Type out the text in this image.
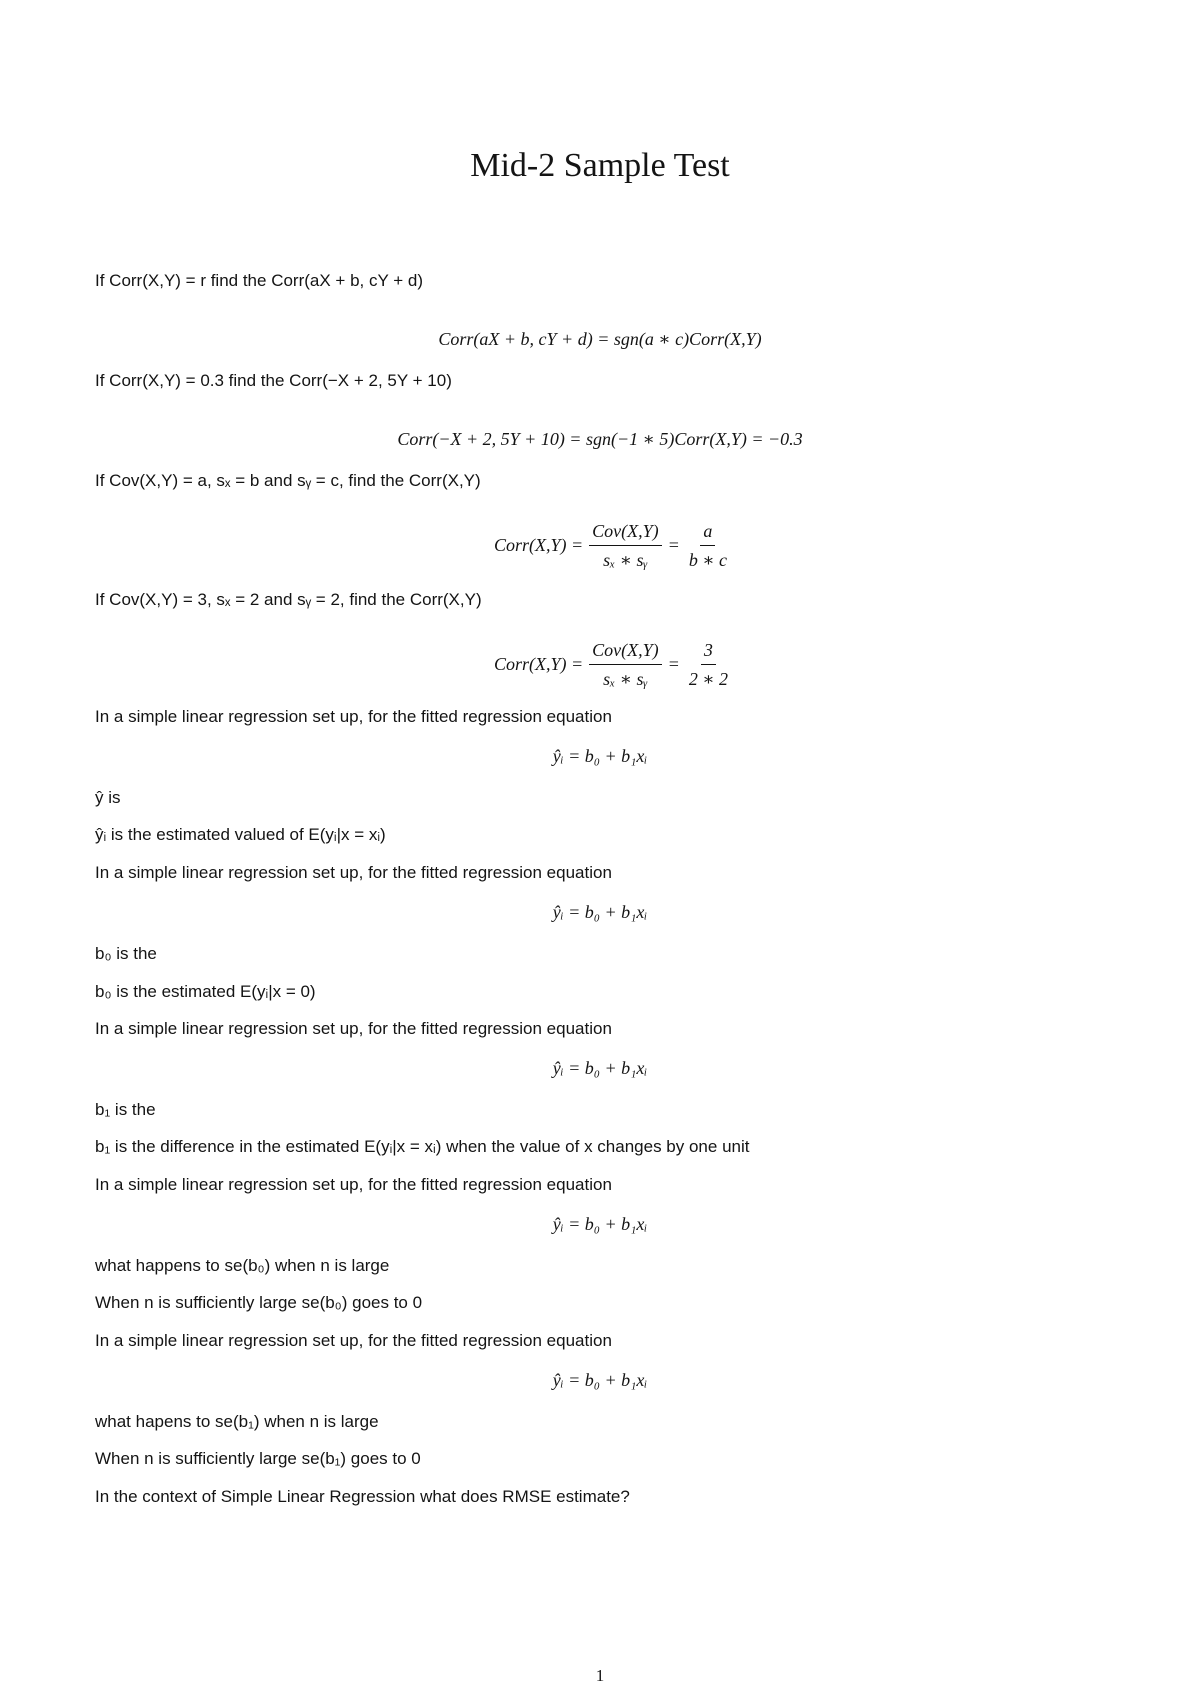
Mid-2 Sample Test
If Corr(X,Y) = r find the Corr(aX + b, cY + d)
Corr(aX + b, cY + d) = sgn(a ∗ c)Corr(X,Y)
If Corr(X,Y) = 0.3 find the Corr(−X + 2, 5Y + 10)
Corr(−X + 2, 5Y + 10) = sgn(−1 ∗ 5)Corr(X,Y) = −0.3
If Cov(X,Y) = a, sₓ = b and sᵧ = c, find the Corr(X,Y)
Corr(X,Y) = $\frac{\text{Cov(X,Y)}}{\text{sₓ ∗ sᵧ}} = \frac{a}{b ∗ c}$
If Cov(X,Y) = 3, sₓ = 2 and sᵧ = 2, find the Corr(X,Y)
Corr(X,Y) = $\frac{\text{Cov(X,Y)}}{\text{sₓ ∗ sᵧ}} = \frac{3}{2 ∗ 2}$
In a simple linear regression set up, for the fitted regression equation
ŷᵢ = b₀ + b₁xᵢ
ŷ is
ŷᵢ is the estimated valued of E(yᵢ|x = xᵢ)
In a simple linear regression set up, for the fitted regression equation
ŷᵢ = b₀ + b₁xᵢ
b₀ is the
b₀ is the estimated E(yᵢ|x = 0)
In a simple linear regression set up, for the fitted regression equation
ŷᵢ = b₀ + b₁xᵢ
b₁ is the
b₁ is the difference in the estimated E(yᵢ|x = xᵢ) when the value of x changes by one unit
In a simple linear regression set up, for the fitted regression equation
ŷᵢ = b₀ + b₁xᵢ
what happens to se(b₀) when n is large
When n is sufficiently large se(b₀) goes to 0
In a simple linear regression set up, for the fitted regression equation
ŷᵢ = b₀ + b₁xᵢ
what hapens to se(b₁) when n is large
When n is sufficiently large se(b₁) goes to 0
In the context of Simple Linear Regression what does RMSE estimate?
1
